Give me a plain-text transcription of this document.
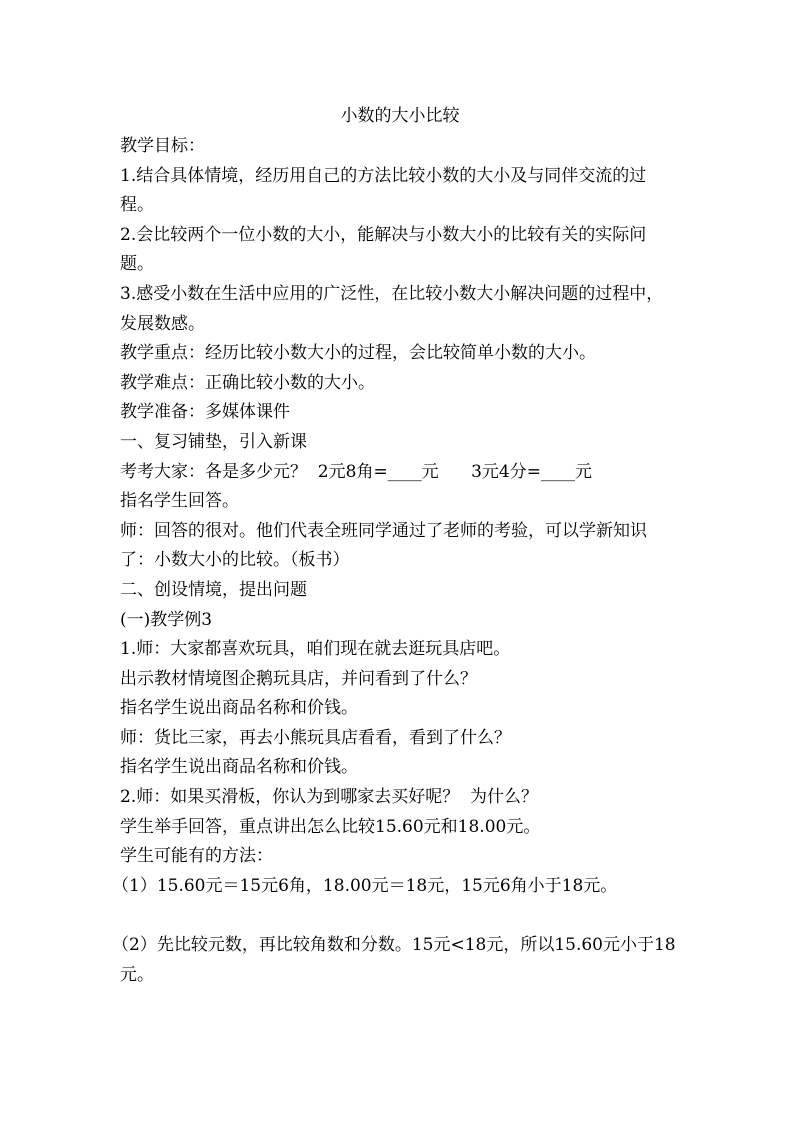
小数的大小比较

教学目标：

1.结合具体情境，经历用自己的方法比较小数的大小及与同伴交流的过程。

2.会比较两个一位小数的大小，能解决与小数大小的比较有关的实际问题。

3.感受小数在生活中应用的广泛性，在比较小数大小解决问题的过程中，发展数感。

教学重点：经历比较小数大小的过程，会比较简单小数的大小。

教学难点：正确比较小数的大小。

教学准备：多媒体课件

一、复习铺垫，引入新课

考考大家：各是多少元？  2元8角=____元      3元4分=____元

指名学生回答。

师：回答的很对。他们代表全班同学通过了老师的考验，可以学新知识了：小数大小的比较。（板书）

二、创设情境，提出问题

(一)教学例3

1.师：大家都喜欢玩具，咱们现在就去逛玩具店吧。

出示教材情境图企鹅玩具店，并问看到了什么？

指名学生说出商品名称和价钱。

师：货比三家，再去小熊玩具店看看，看到了什么？

指名学生说出商品名称和价钱。

2.师：如果买滑板，你认为到哪家去买好呢？  为什么？

学生举手回答，重点讲出怎么比较15.60元和18.00元。

学生可能有的方法：

（1）15.60元＝15元6角，18.00元＝18元，15元6角小于18元。

（2）先比较元数，再比较角数和分数。15元<18元，所以15.60元小于18元。
